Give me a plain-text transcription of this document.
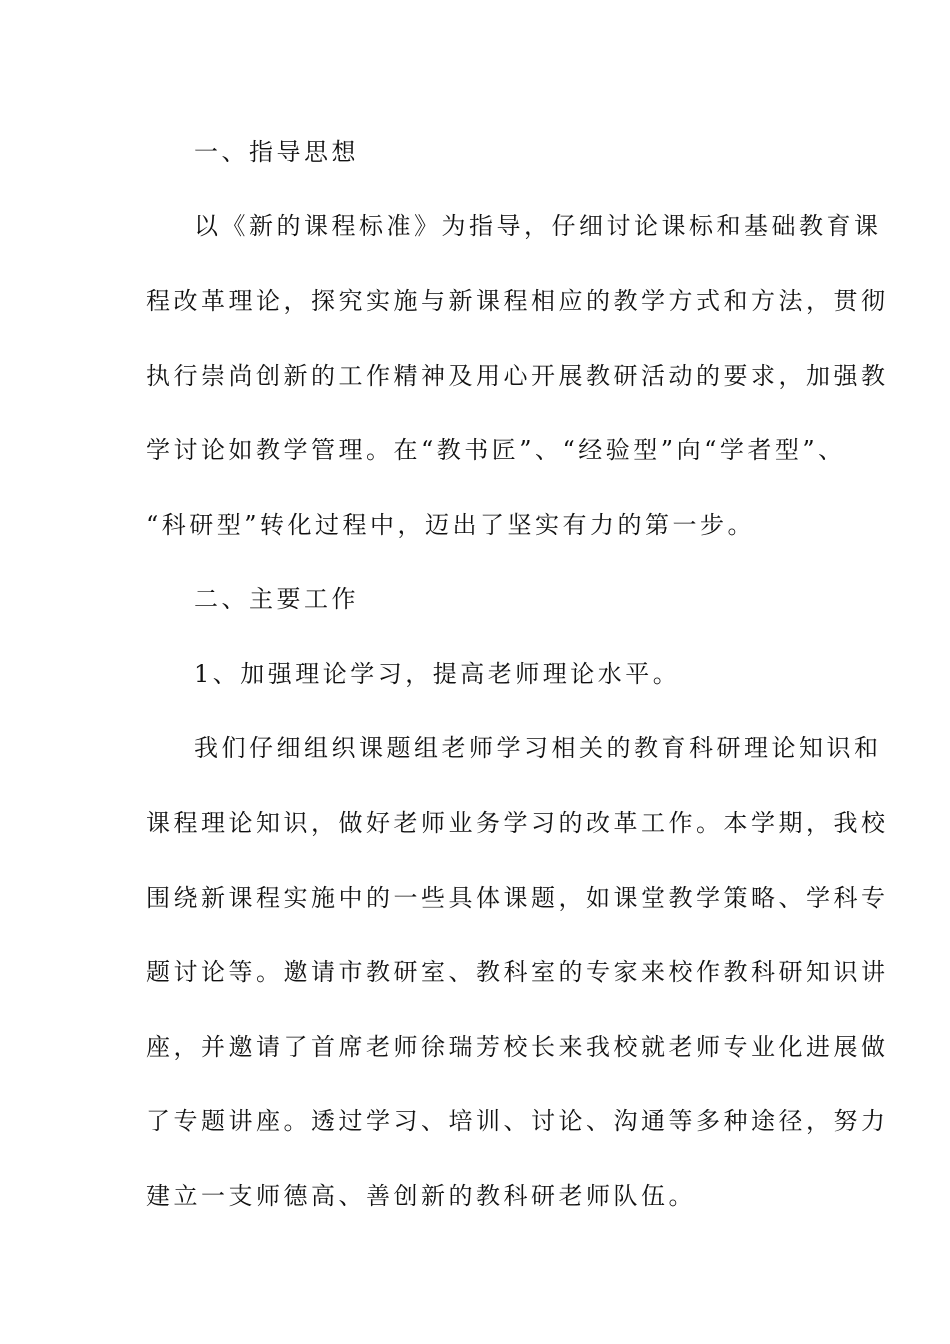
一、指导思想
以《新的课程标准》为指导，仔细讨论课标和基础教育课
程改革理论，探究实施与新课程相应的教学方式和方法，贯彻
执行崇尚创新的工作精神及用心开展教研活动的要求，加强教
学讨论如教学管理。在“教书匠”、“经验型”向“学者型”、
“科研型”转化过程中，迈出了坚实有力的第一步。
二、主要工作
1、加强理论学习，提高老师理论水平。
我们仔细组织课题组老师学习相关的教育科研理论知识和
课程理论知识，做好老师业务学习的改革工作。本学期，我校
围绕新课程实施中的一些具体课题，如课堂教学策略、学科专
题讨论等。邀请市教研室、教科室的专家来校作教科研知识讲
座，并邀请了首席老师徐瑞芳校长来我校就老师专业化进展做
了专题讲座。透过学习、培训、讨论、沟通等多种途径，努力
建立一支师德高、善创新的教科研老师队伍。
